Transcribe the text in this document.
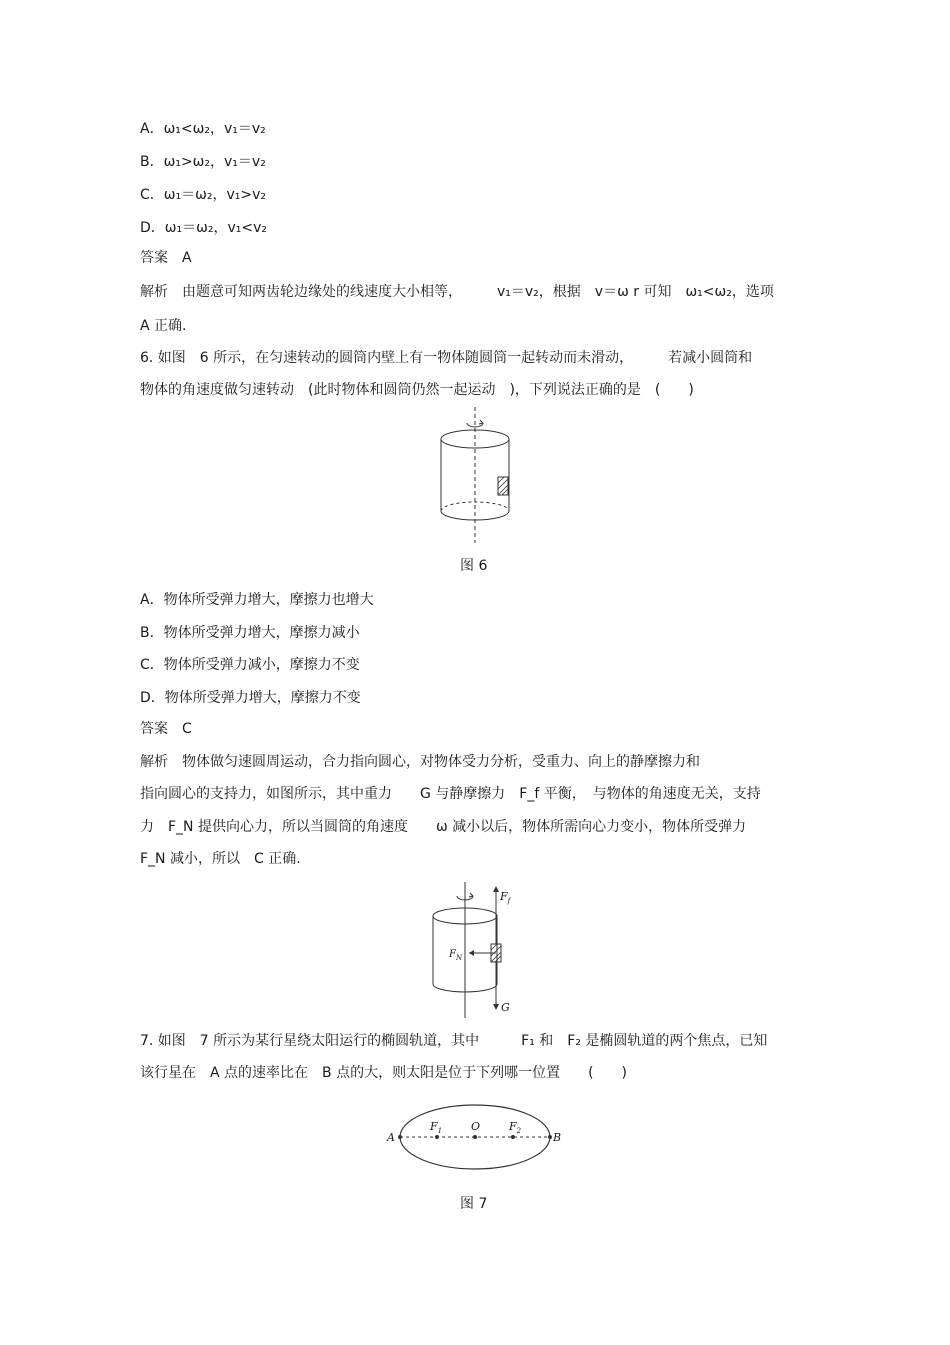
A．ω₁<ω₂，v₁＝v₂
B．ω₁>ω₂，v₁＝v₂
C．ω₁＝ω₂，v₁>v₂
D．ω₁＝ω₂，v₁<v₂
答案　A
解析　由题意可知两齿轮边缘处的线速度大小相等，　　　v₁＝v₂，根据　v＝ω r 可知　ω₁<ω₂，选项
A 正确.
6. 如图　6 所示，在匀速转动的圆筒内壁上有一物体随圆筒一起转动而未滑动，　　　若减小圆筒和
物体的角速度做匀速转动　(此时物体和圆筒仍然一起运动　)，下列说法正确的是　(　　)
图 6
A．物体所受弹力增大，摩擦力也增大
B．物体所受弹力增大，摩擦力减小
C．物体所受弹力减小，摩擦力不变
D．物体所受弹力增大，摩擦力不变
答案　C
解析　物体做匀速圆周运动，合力指向圆心，对物体受力分析，受重力、向上的静摩擦力和
指向圆心的支持力，如图所示，其中重力　　G 与静摩擦力　F_f 平衡，　与物体的角速度无关，支持
力　F_N 提供向心力，所以当圆筒的角速度　　ω 减小以后，物体所需向心力变小，物体所受弹力
F_N 减小，所以　C 正确.
$F_f$
$F_N$
G
7. 如图　7 所示为某行星绕太阳运行的椭圆轨道，其中　　　F₁ 和　F₂ 是椭圆轨道的两个焦点，已知
该行星在　A 点的速率比在　B 点的大，则太阳是位于下列哪一位置　　(　　)
A
$F_1$	O	$F_2$	B
图 7
